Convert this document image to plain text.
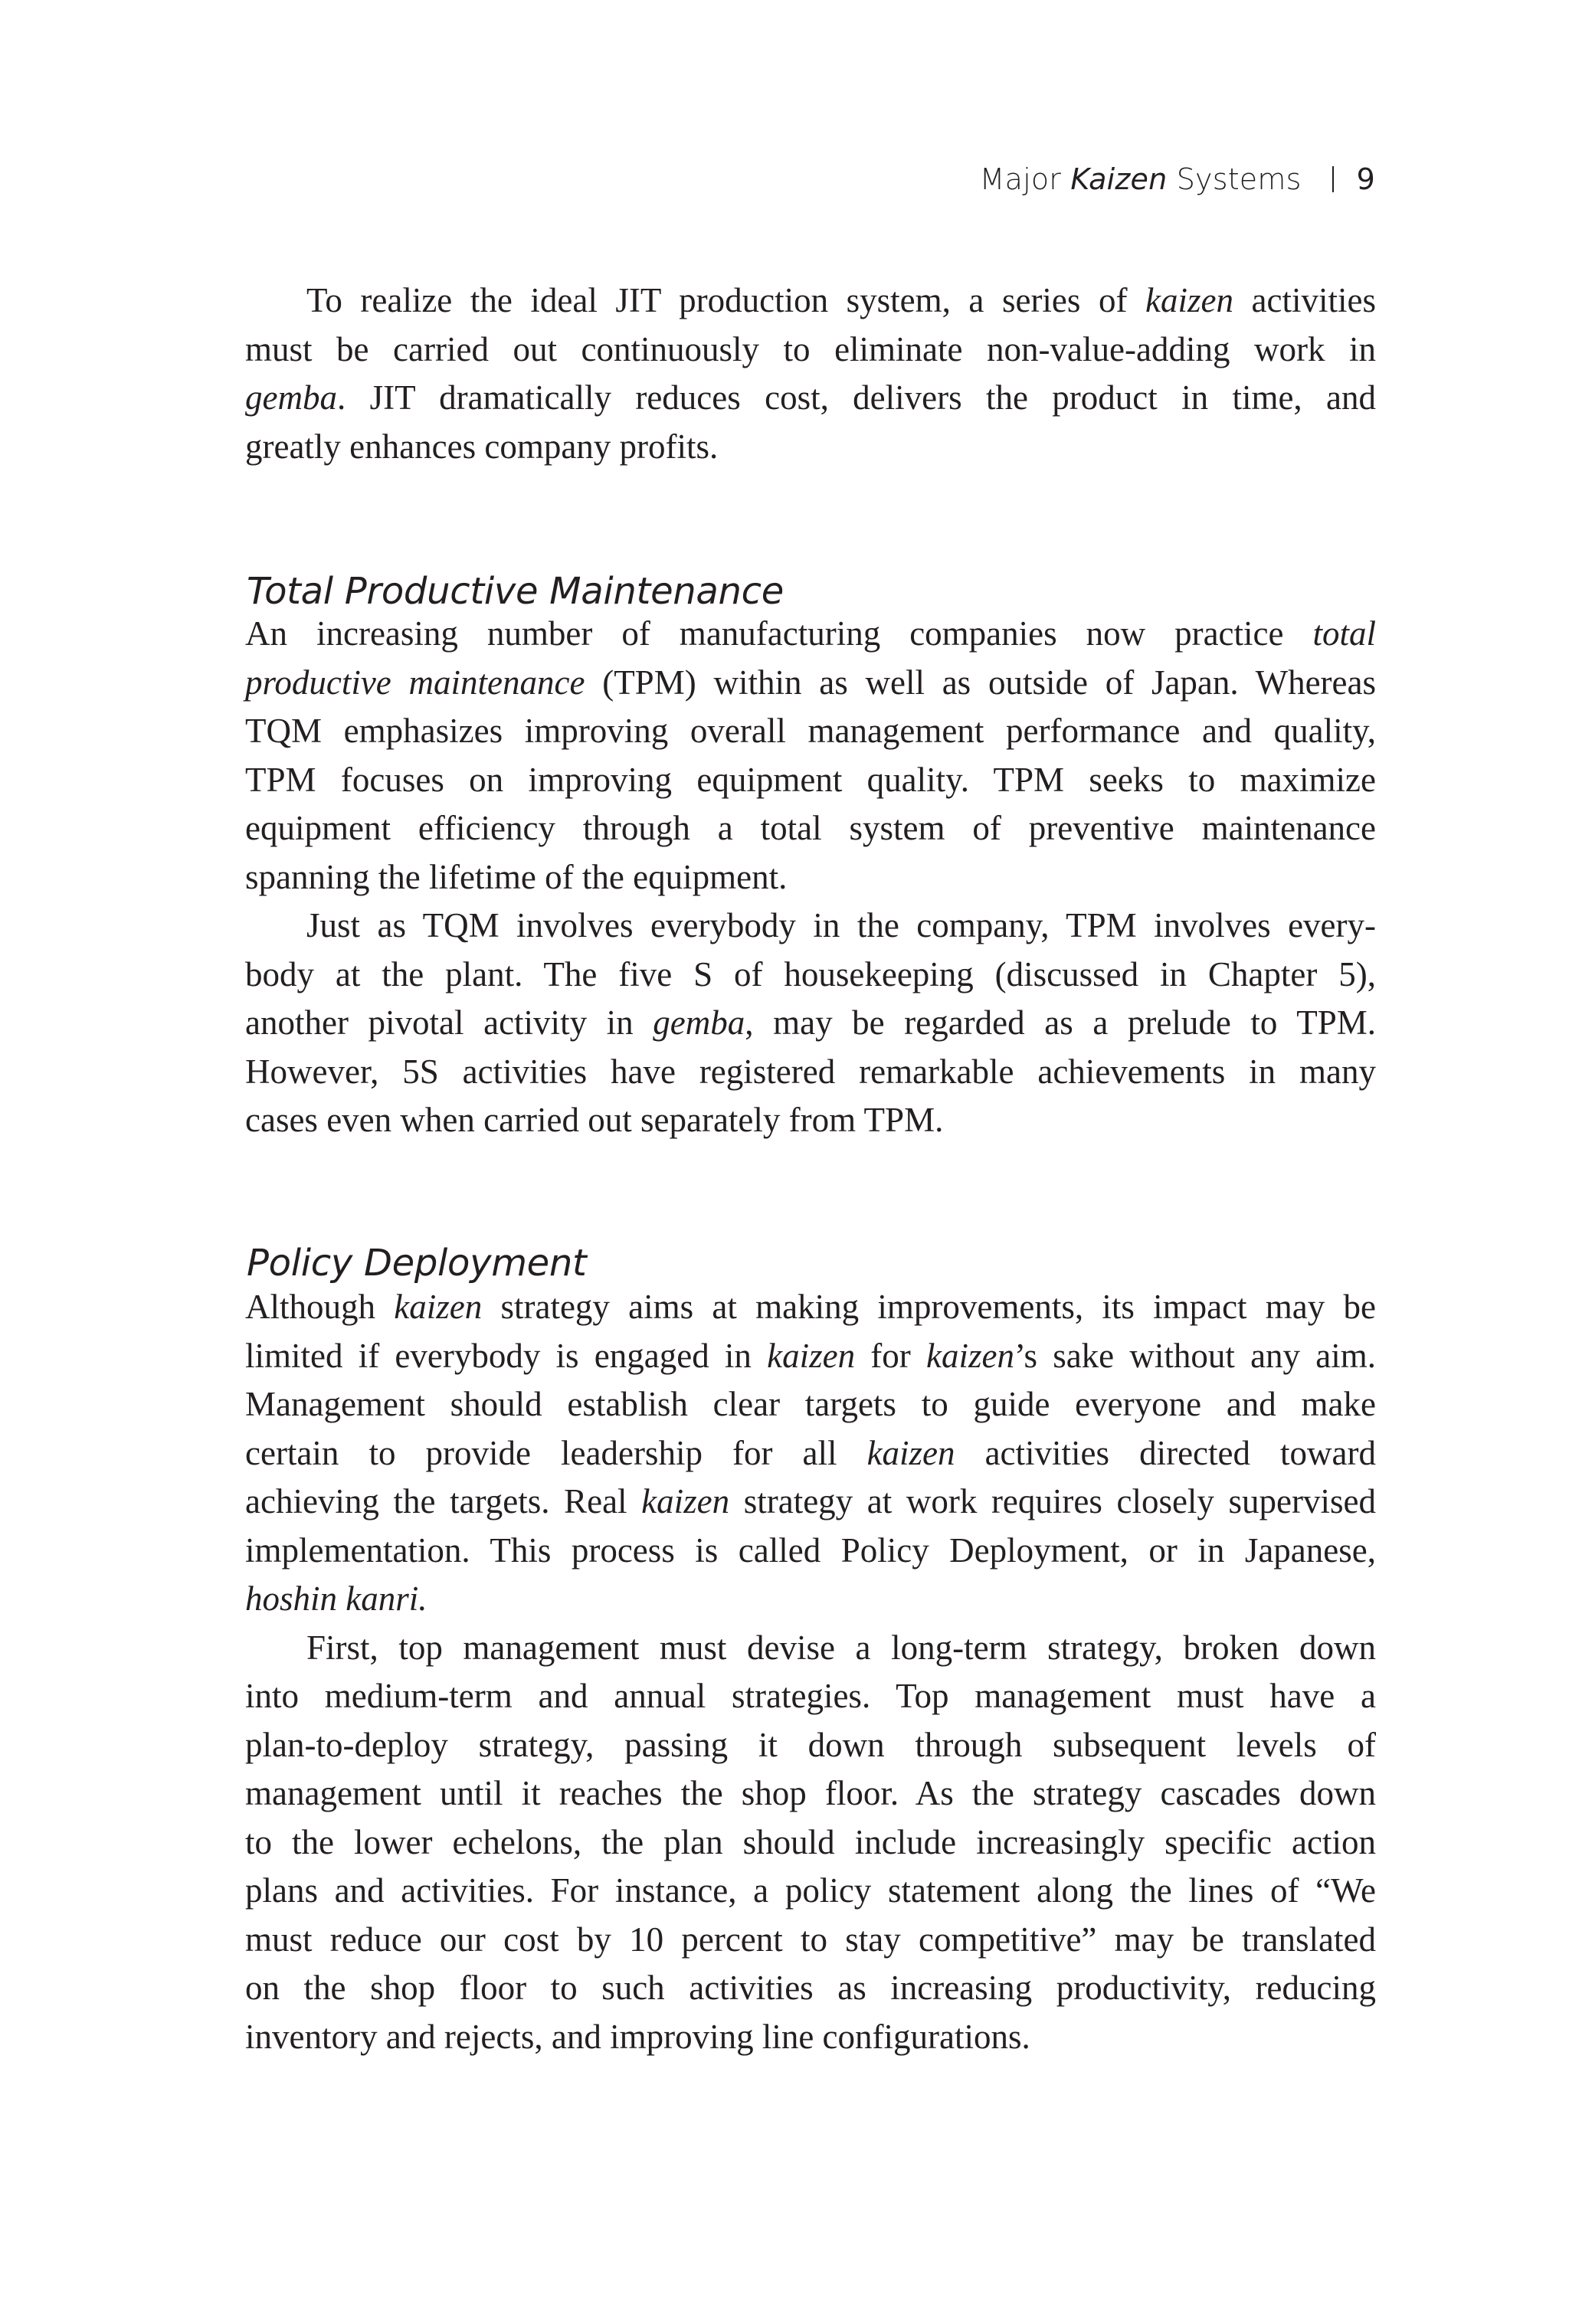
Major Kaizen Systems 9
To realize the ideal JIT production system, a series of kaizen activities
must be carried out continuously to eliminate non-value-adding work in
gemba. JIT dramatically reduces cost, delivers the product in time, and
greatly enhances company profits.
Total Productive Maintenance
An increasing number of manufacturing companies now practice total
productive maintenance (TPM) within as well as outside of Japan. Whereas
TQM emphasizes improving overall management performance and quality,
TPM focuses on improving equipment quality. TPM seeks to maximize
equipment efficiency through a total system of preventive maintenance
spanning the lifetime of the equipment.
Just as TQM involves everybody in the company, TPM involves every-
body at the plant. The five S of housekeeping (discussed in Chapter 5),
another pivotal activity in gemba, may be regarded as a prelude to TPM.
However, 5S activities have registered remarkable achievements in many
cases even when carried out separately from TPM.
Policy Deployment
Although kaizen strategy aims at making improvements, its impact may be
limited if everybody is engaged in kaizen for kaizen’s sake without any aim.
Management should establish clear targets to guide everyone and make
certain to provide leadership for all kaizen activities directed toward
achieving the targets. Real kaizen strategy at work requires closely supervised
implementation. This process is called Policy Deployment, or in Japanese,
hoshin kanri.
First, top management must devise a long-term strategy, broken down
into medium-term and annual strategies. Top management must have a
plan-to-deploy strategy, passing it down through subsequent levels of
management until it reaches the shop floor. As the strategy cascades down
to the lower echelons, the plan should include increasingly specific action
plans and activities. For instance, a policy statement along the lines of “We
must reduce our cost by 10 percent to stay competitive” may be translated
on the shop floor to such activities as increasing productivity, reducing
inventory and rejects, and improving line configurations.
